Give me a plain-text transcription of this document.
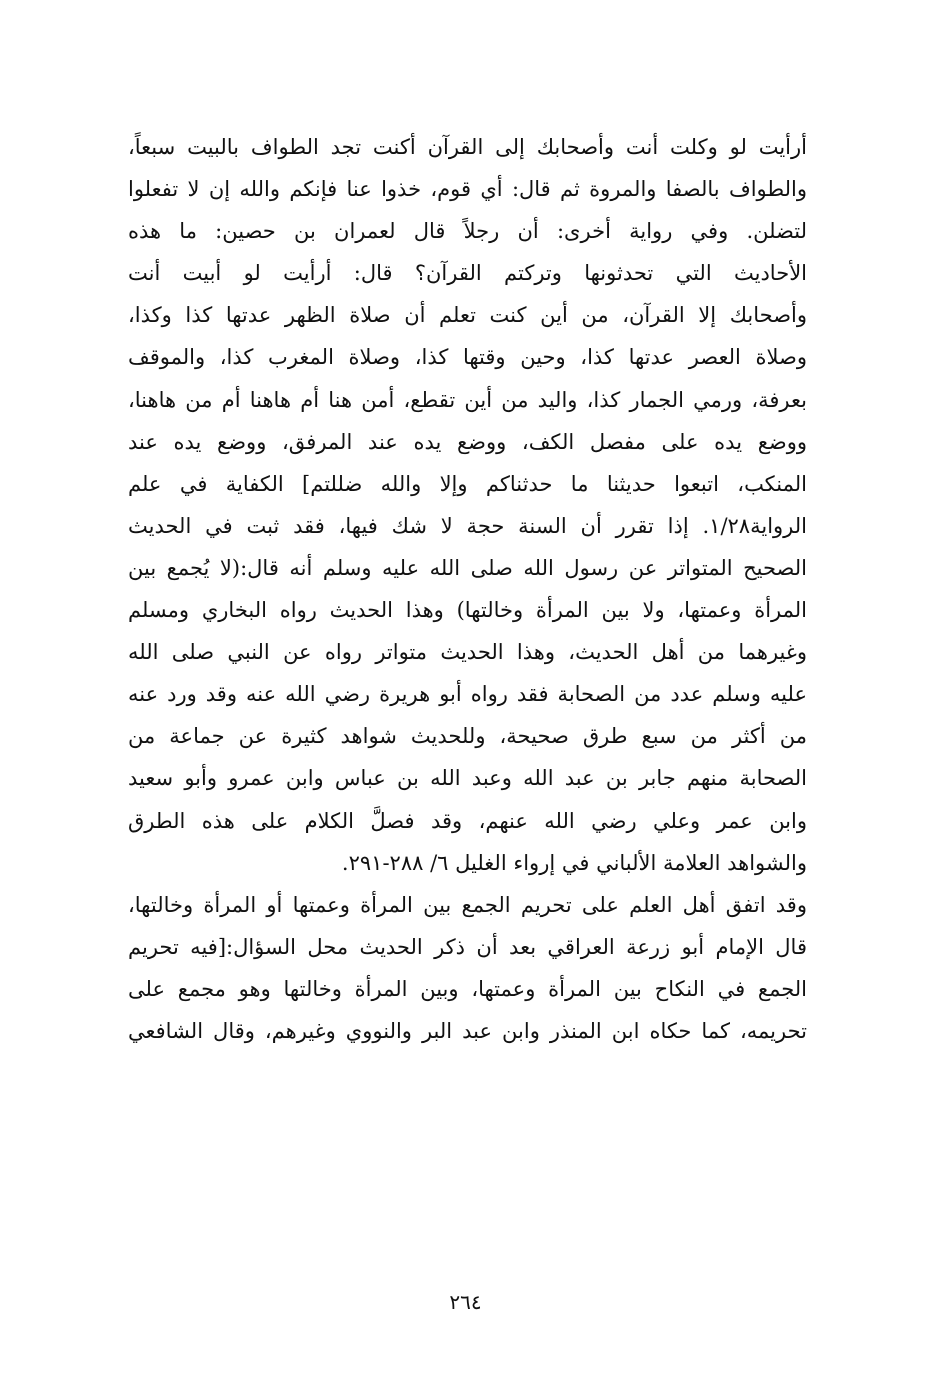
أرأيت لو وكلت أنت وأصحابك إلى القرآن أكنت تجد الطواف بالبيت سبعاً،
والطواف بالصفا والمروة ثم قال: أي قوم، خذوا عنا فإنكم والله إن لا تفعلوا
لتضلن. وفي رواية أخرى: أن رجلاً قال لعمران بن حصين: ما هذه
الأحاديث التي تحدثونها وتركتم القرآن؟ قال: أرأيت لو أبيت أنت
وأصحابك إلا القرآن، من أين كنت تعلم أن صلاة الظهر عدتها كذا وكذا،
وصلاة العصر عدتها كذا، وحين وقتها كذا، وصلاة المغرب كذا، والموقف
بعرفة، ورمي الجمار كذا، واليد من أين تقطع، أمن هنا أم هاهنا أم من هاهنا،
ووضع يده على مفصل الكف، ووضع يده عند المرفق، ووضع يده عند
المنكب، اتبعوا حديثنا ما حدثناكم وإلا والله ضللتم] الكفاية في علم
الرواية١/٢٨. إذا تقرر أن السنة حجة لا شك فيها، فقد ثبت في الحديث
الصحيح المتواتر عن رسول الله صلى الله عليه وسلم أنه قال:(لا يُجمع بين
المرأة وعمتها، ولا بين المرأة وخالتها) وهذا الحديث رواه البخاري ومسلم
وغيرهما من أهل الحديث، وهذا الحديث متواتر رواه عن النبي صلى الله
عليه وسلم عدد من الصحابة فقد رواه أبو هريرة رضي الله عنه وقد ورد عنه
من أكثر من سبع طرق صحيحة، وللحديث شواهد كثيرة عن جماعة من
الصحابة منهم جابر بن عبد الله وعبد الله بن عباس وابن عمرو وأبو سعيد
وابن عمر وعلي رضي الله عنهم، وقد فصلَّ الكلام على هذه الطرق
والشواهد العلامة الألباني في إرواء الغليل ٦/ ٢٨٨-٢٩١.
وقد اتفق أهل العلم على تحريم الجمع بين المرأة وعمتها أو المرأة وخالتها،
قال الإمام أبو زرعة العراقي بعد أن ذكر الحديث محل السؤال:[فيه تحريم
الجمع في النكاح بين المرأة وعمتها، وبين المرأة وخالتها وهو مجمع على
تحريمه، كما حكاه ابن المنذر وابن عبد البر والنووي وغيرهم، وقال الشافعي
٢٦٤
